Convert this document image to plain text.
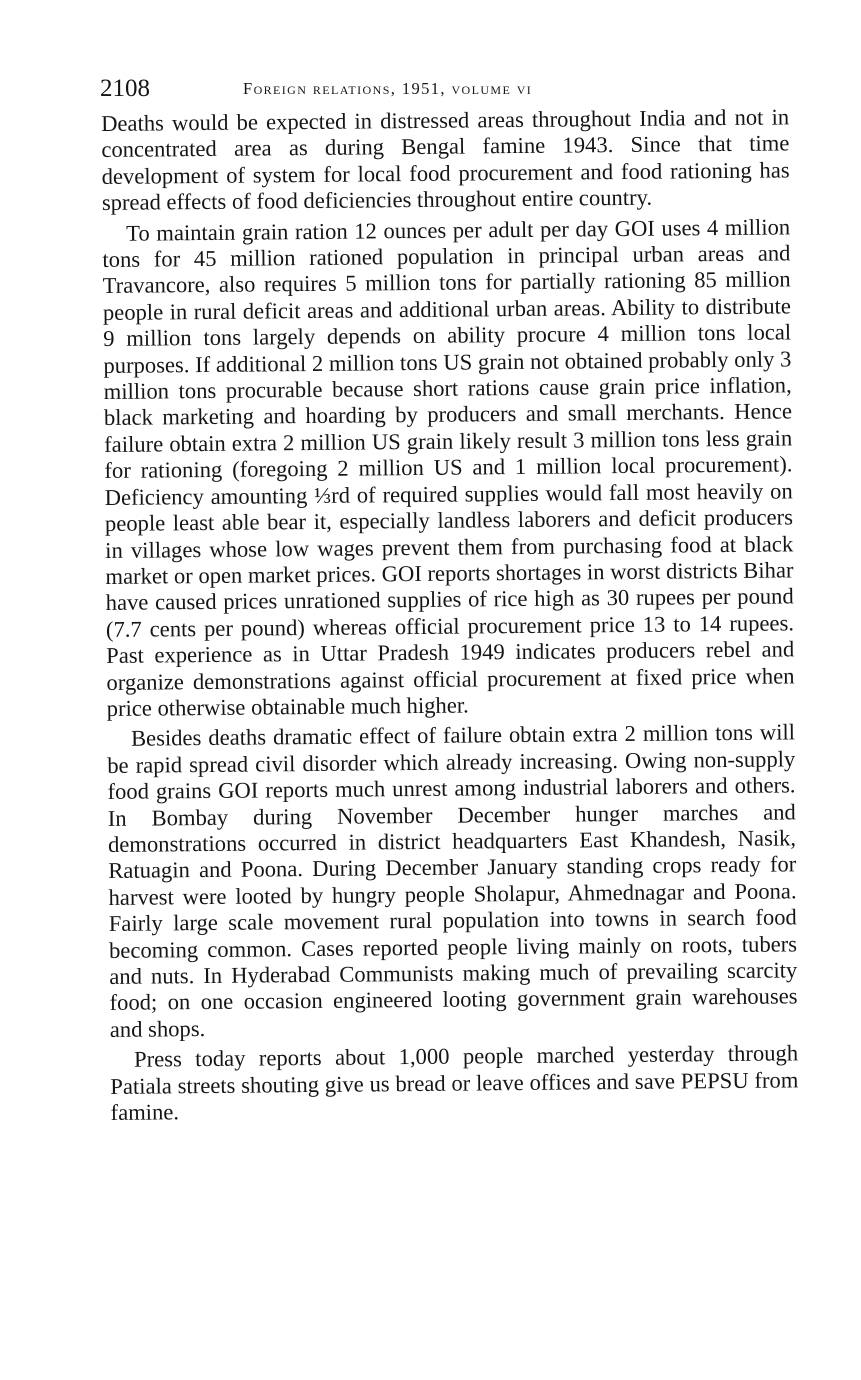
2108	foreign relations, 1951, volume vi

Deaths would be expected in distressed areas throughout India and not in concentrated area as during Bengal famine 1943. Since that time development of system for local food procurement and food rationing has spread effects of food deficiencies throughout entire country.

To maintain grain ration 12 ounces per adult per day GOI uses 4 million tons for 45 million rationed population in principal urban areas and Travancore, also requires 5 million tons for partially rationing 85 million people in rural deficit areas and additional urban areas. Ability to distribute 9 million tons largely depends on ability procure 4 million tons local purposes. If additional 2 million tons US grain not obtained probably only 3 million tons procurable because short rations cause grain price inflation, black marketing and hoarding by producers and small merchants. Hence failure obtain extra 2 million US grain likely result 3 million tons less grain for rationing (foregoing 2 million US and 1 million local procurement). Deficiency amounting ⅓rd of required supplies would fall most heavily on people least able bear it, especially landless laborers and deficit producers in villages whose low wages prevent them from purchasing food at black market or open market prices. GOI reports shortages in worst districts Bihar have caused prices unrationed supplies of rice high as 30 rupees per pound (7.7 cents per pound) whereas official procurement price 13 to 14 rupees. Past experience as in Uttar Pradesh 1949 indicates producers rebel and organize demonstrations against official procurement at fixed price when price otherwise obtainable much higher.

Besides deaths dramatic effect of failure obtain extra 2 million tons will be rapid spread civil disorder which already increasing. Owing non-supply food grains GOI reports much unrest among industrial laborers and others. In Bombay during November December hunger marches and demonstrations occurred in district headquarters East Khandesh, Nasik, Ratuagin and Poona. During December January standing crops ready for harvest were looted by hungry people Sholapur, Ahmednagar and Poona. Fairly large scale movement rural population into towns in search food becoming common. Cases reported people living mainly on roots, tubers and nuts. In Hyderabad Communists making much of prevailing scarcity food; on one occasion engineered looting government grain warehouses and shops.

Press today reports about 1,000 people marched yesterday through Patiala streets shouting give us bread or leave offices and save PEPSU from famine.
